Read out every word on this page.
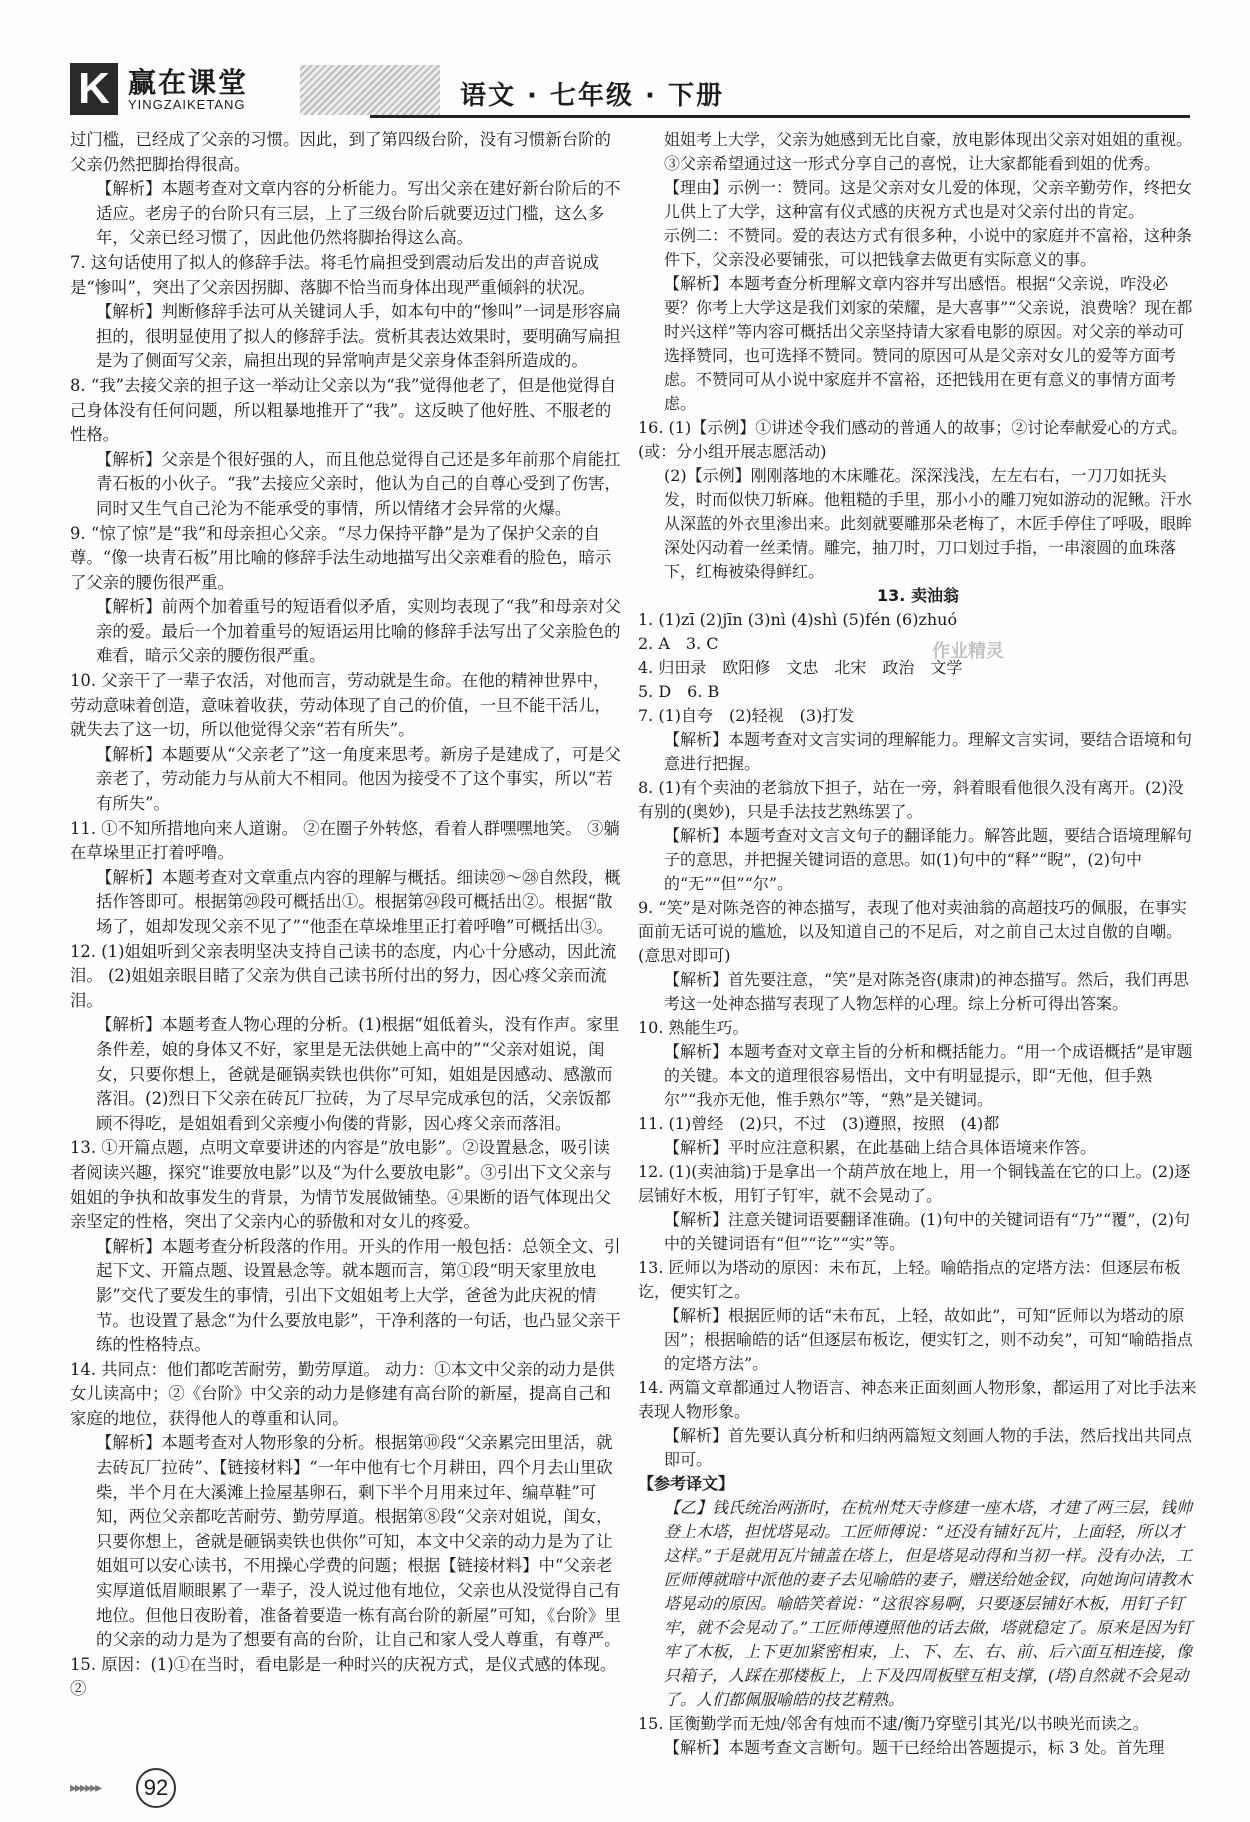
K 赢在课堂
YINGZAIKETANG	语文 · 七年级 · 下册

过门槛，已经成了父亲的习惯。因此，到了第四级台阶，没有习惯新台阶的父亲仍然把脚抬得很高。

【解析】本题考查对文章内容的分析能力。写出父亲在建好新台阶后的不适应。老房子的台阶只有三层，上了三级台阶后就要迈过门槛，这么多年，父亲已经习惯了，因此他仍然将脚抬得这么高。

7. 这句话使用了拟人的修辞手法。将毛竹扁担受到震动后发出的声音说成是“惨叫”，突出了父亲因拐脚、落脚不恰当而身体出现严重倾斜的状况。

【解析】判断修辞手法可从关键词人手，如本句中的“惨叫”一词是形容扁担的，很明显使用了拟人的修辞手法。赏析其表达效果时，要明确写扁担是为了侧面写父亲，扁担出现的异常响声是父亲身体歪斜所造成的。

8. “我”去接父亲的担子这一举动让父亲以为“我”觉得他老了，但是他觉得自己身体没有任何问题，所以粗暴地推开了“我”。这反映了他好胜、不服老的性格。

【解析】父亲是个很好强的人，而且他总觉得自己还是多年前那个肩能扛青石板的小伙子。“我”去接应父亲时，他认为自己的自尊心受到了伤害，同时又生气自己沦为不能承受的事情，所以情绪才会异常的火爆。

9. “惊了惊”是“我”和母亲担心父亲。“尽力保持平静”是为了保护父亲的自尊。“像一块青石板”用比喻的修辞手法生动地描写出父亲难看的脸色，暗示了父亲的腰伤很严重。

【解析】前两个加着重号的短语看似矛盾，实则均表现了“我”和母亲对父亲的爱。最后一个加着重号的短语运用比喻的修辞手法写出了父亲脸色的难看，暗示父亲的腰伤很严重。

10. 父亲干了一辈子农活，对他而言，劳动就是生命。在他的精神世界中，劳动意味着创造，意味着收获，劳动体现了自己的价值，一旦不能干活儿，就失去了这一切，所以他觉得父亲“若有所失”。

【解析】本题要从“父亲老了”这一角度来思考。新房子是建成了，可是父亲老了，劳动能力与从前大不相同。他因为接受不了这个事实，所以“若有所失”。

11. ①不知所措地向来人道谢。 ②在圈子外转悠，看着人群嘿嘿地笑。 ③躺在草垛里正打着呼噜。

【解析】本题考查对文章重点内容的理解与概括。细读⑳～㉘自然段，概括作答即可。根据第⑳段可概括出①。根据第㉔段可概括出②。根据“散场了，姐却发现父亲不见了”“他歪在草垛堆里正打着呼噜”可概括出③。

12. (1)姐姐听到父亲表明坚决支持自己读书的态度，内心十分感动，因此流泪。 (2)姐姐亲眼目睹了父亲为供自己读书所付出的努力，因心疼父亲而流泪。

【解析】本题考查人物心理的分析。(1)根据“姐低着头，没有作声。家里条件差，娘的身体又不好，家里是无法供她上高中的”“父亲对姐说，闺女，只要你想上，爸就是砸锅卖铁也供你”可知，姐姐是因感动、感激而落泪。(2)烈日下父亲在砖瓦厂拉砖，为了尽早完成承包的活，父亲饭都顾不得吃，是姐姐看到父亲瘦小佝偻的背影，因心疼父亲而落泪。

13. ①开篇点题，点明文章要讲述的内容是“放电影”。②设置悬念，吸引读者阅读兴趣，探究“谁要放电影”以及“为什么要放电影”。③引出下文父亲与姐姐的争执和故事发生的背景，为情节发展做铺垫。④果断的语气体现出父亲坚定的性格，突出了父亲内心的骄傲和对女儿的疼爱。

【解析】本题考查分析段落的作用。开头的作用一般包括：总领全文、引起下文、开篇点题、设置悬念等。就本题而言，第①段“明天家里放电影”交代了要发生的事情，引出下文姐姐考上大学，爸爸为此庆祝的情节。也设置了悬念“为什么要放电影”，干净利落的一句话，也凸显父亲干练的性格特点。

14. 共同点：他们都吃苦耐劳，勤劳厚道。 动力：①本文中父亲的动力是供女儿读高中；②《台阶》中父亲的动力是修建有高台阶的新屋，提高自己和家庭的地位，获得他人的尊重和认同。

【解析】本题考查对人物形象的分析。根据第⑩段“父亲累完田里活，就去砖瓦厂拉砖”、【链接材料】“一年中他有七个月耕田，四个月去山里砍柴，半个月在大溪滩上捡屋基卵石，剩下半个月用来过年、编草鞋”可知，两位父亲都吃苦耐劳、勤劳厚道。根据第⑧段“父亲对姐说，闺女，只要你想上，爸就是砸锅卖铁也供你”可知，本文中父亲的动力是为了让姐姐可以安心读书，不用操心学费的问题；根据【链接材料】中“父亲老实厚道低眉顺眼累了一辈子，没人说过他有地位，父亲也从没觉得自己有地位。但他日夜盼着，准备着要造一栋有高台阶的新屋”可知，《台阶》里的父亲的动力是为了想要有高的台阶，让自己和家人受人尊重，有尊严。

15. 原因：(1)①在当时，看电影是一种时兴的庆祝方式，是仪式感的体现。②

姐姐考上大学，父亲为她感到无比自豪，放电影体现出父亲对姐姐的重视。③父亲希望通过这一形式分享自己的喜悦，让大家都能看到姐的优秀。

【理由】示例一：赞同。这是父亲对女儿爱的体现，父亲辛勤劳作，终把女儿供上了大学，这种富有仪式感的庆祝方式也是对父亲付出的肯定。

示例二：不赞同。爱的表达方式有很多种，小说中的家庭并不富裕，这种条件下，父亲没必要铺张，可以把钱拿去做更有实际意义的事。

【解析】本题考查分析理解文章内容并写出感悟。根据“父亲说，咋没必要？你考上大学这是我们刘家的荣耀，是大喜事”“父亲说，浪费啥？现在都时兴这样”等内容可概括出父亲坚持请大家看电影的原因。对父亲的举动可选择赞同，也可选择不赞同。赞同的原因可从是父亲对女儿的爱等方面考虑。不赞同可从小说中家庭并不富裕，还把钱用在更有意义的事情方面考虑。

16. (1)【示例】①讲述令我们感动的普通人的故事；②讨论奉献爱心的方式。(或：分小组开展志愿活动)

(2)【示例】刚刚落地的木床雕花。深深浅浅，左左右右，一刀刀如抚头发，时而似快刀斩麻。他粗糙的手里，那小小的雕刀宛如游动的泥鳅。汗水从深蓝的外衣里渗出来。此刻就要雕那朵老梅了，木匠手停住了呼吸，眼眸深处闪动着一丝柔情。雕完，抽刀时，刀口划过手指，一串滚圆的血珠落下，红梅被染得鲜红。

13. 卖油翁

1. (1)zī (2)jīn (3)nì (4)shì (5)fén (6)zhuó

2. A　3. C

4. 归田录　欧阳修　文忠　北宋　政治　文学

5. D　6. B

7. (1)自夸　(2)轻视　(3)打发

【解析】本题考查对文言实词的理解能力。理解文言实词，要结合语境和句意进行把握。

8. (1)有个卖油的老翁放下担子，站在一旁，斜着眼看他很久没有离开。(2)没有别的(奥妙)，只是手法技艺熟练罢了。

【解析】本题考查对文言文句子的翻译能力。解答此题，要结合语境理解句子的意思，并把握关键词语的意思。如(1)句中的“释”“睨”，(2)句中的“无”“但”“尔”。

9. “笑”是对陈尧咨的神态描写，表现了他对卖油翁的高超技巧的佩服，在事实面前无话可说的尴尬，以及知道自己的不足后，对之前自己太过自傲的自嘲。(意思对即可)

【解析】首先要注意，“笑”是对陈尧咨(康肃)的神态描写。然后，我们再思考这一处神态描写表现了人物怎样的心理。综上分析可得出答案。

10. 熟能生巧。

【解析】本题考查对文章主旨的分析和概括能力。“用一个成语概括”是审题的关键。本文的道理很容易悟出，文中有明显提示，即“无他，但手熟尔”“我亦无他，惟手熟尔”等，“熟”是关键词。

11. (1)曾经　(2)只，不过　(3)遵照，按照　(4)都

【解析】平时应注意积累，在此基础上结合具体语境来作答。

12. (1)(卖油翁)于是拿出一个葫芦放在地上，用一个铜钱盖在它的口上。(2)逐层铺好木板，用钉子钉牢，就不会晃动了。

【解析】注意关键词语要翻译准确。(1)句中的关键词语有“乃”“覆”，(2)句中的关键词语有“但”“讫”“实”等。

13. 匠师以为塔动的原因：未布瓦，上轻。喻皓指点的定塔方法：但逐层布板讫，便实钉之。

【解析】根据匠师的话“未布瓦，上轻，故如此”，可知“匠师以为塔动的原因”；根据喻皓的话“但逐层布板讫，便实钉之，则不动矣”，可知“喻皓指点的定塔方法”。

14. 两篇文章都通过人物语言、神态来正面刻画人物形象，都运用了对比手法来表现人物形象。

【解析】首先要认真分析和归纳两篇短文刻画人物的手法，然后找出共同点即可。

【参考译文】

【乙】钱氏统治两浙时，在杭州梵天寺修建一座木塔，才建了两三层，钱帅登上木塔，担忧塔晃动。工匠师傅说：“还没有铺好瓦片，上面轻，所以才这样。”于是就用瓦片铺盖在塔上，但是塔晃动得和当初一样。没有办法，工匠师傅就暗中派他的妻子去见喻皓的妻子，赠送给她金钗，向她询问请教木塔晃动的原因。喻皓笑着说：“这很容易啊，只要逐层铺好木板，用钉子钉牢，就不会晃动了。”工匠师傅遵照他的话去做，塔就稳定了。原来是因为钉牢了木板，上下更加紧密相束，上、下、左、右、前、后六面互相连接，像只箱子，人踩在那楼板上，上下及四周板壁互相支撑，(塔)自然就不会晃动了。人们都佩服喻皓的技艺精熟。

15. 匡衡勤学而无烛/邻舍有烛而不逮/衡乃穿壁引其光/以书映光而读之。

【解析】本题考查文言断句。题干已经给出答题提示，标 3 处。首先理

作业精灵
▸▸▸▸▸▸	92
